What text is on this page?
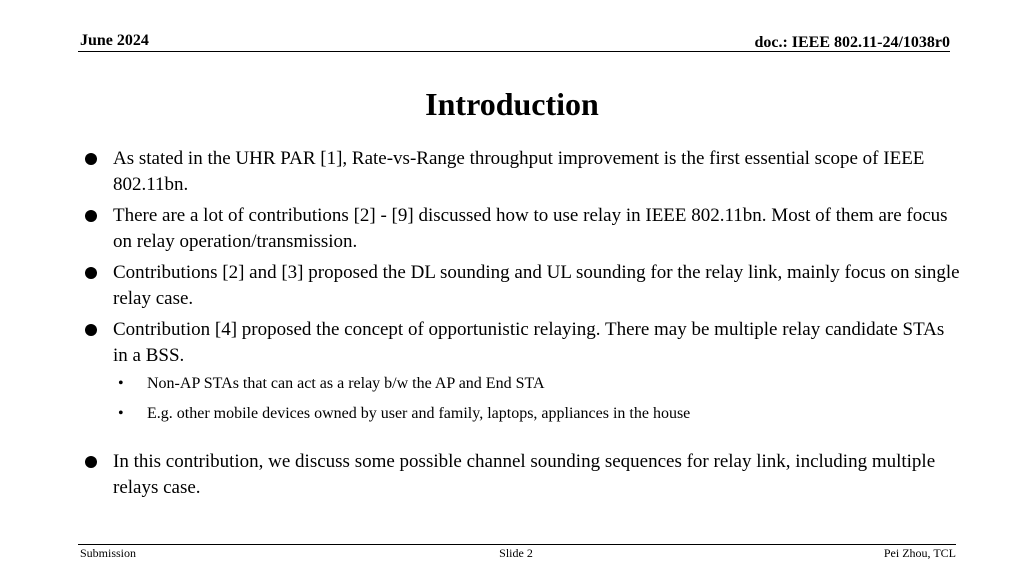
June 2024	doc.: IEEE 802.11-24/1038r0
Introduction
As stated in the UHR PAR [1], Rate-vs-Range throughput improvement is the first essential scope of IEEE 802.11bn.
There are a lot of contributions [2] - [9] discussed how to use relay in IEEE 802.11bn. Most of them are focus on relay operation/transmission.
Contributions [2] and [3] proposed the DL sounding and UL sounding for the relay link, mainly focus on single relay case.
Contribution [4] proposed the concept of opportunistic relaying. There may be multiple relay candidate STAs in a BSS.
• Non-AP STAs that can act as a relay b/w the AP and End STA
• E.g. other mobile devices owned by user and family, laptops, appliances in the house
In this contribution, we discuss some possible channel sounding sequences for relay link, including multiple relays case.
Submission	Slide 2	Pei Zhou, TCL
